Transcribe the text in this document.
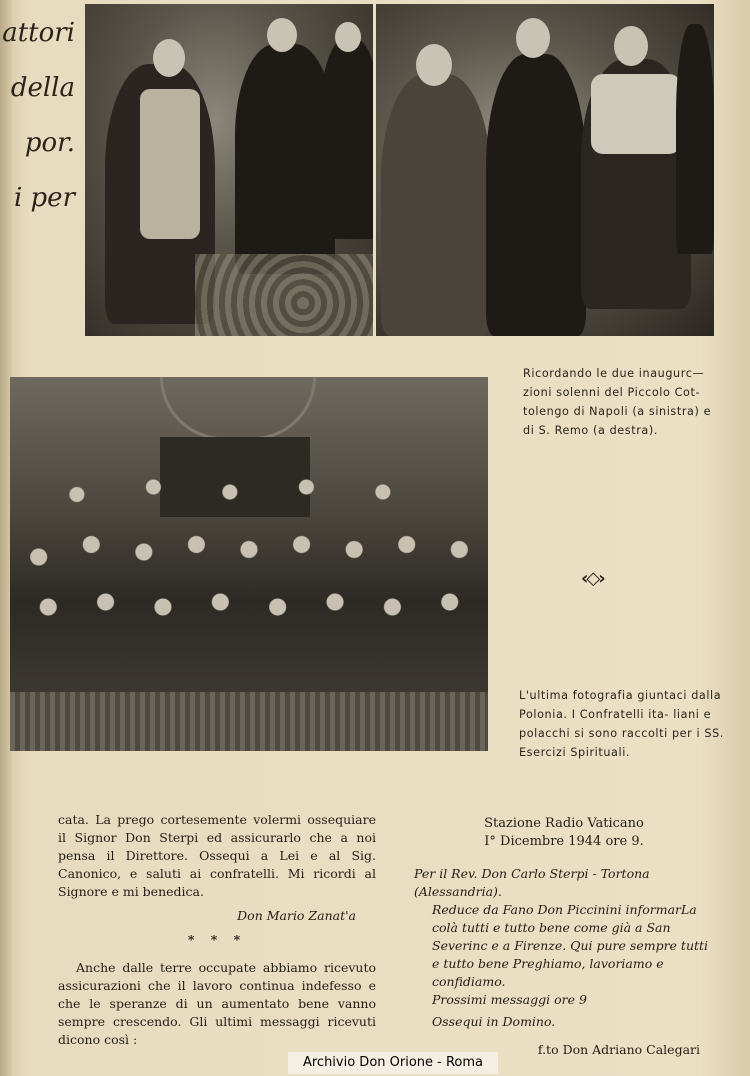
attori
della
por.
i per
Ricordando le due inaugurc— zioni solenni del Piccolo Cot- tolengo di Napoli (a sinistra) e di S. Remo (a destra).
‹◇›
L'ultima fotografia giuntaci dalla Polonia. I Confratelli ita- liani e polacchi si sono raccolti per i SS. Esercizi Spirituali.

cata. La prego cortesemente volermi ossequiare il Signor Don Sterpi ed assicurarlo che a noi pensa il Direttore. Ossequi a Lei e al Sig. Canonico, e saluti ai confratelli. Mi ricordi al Signore e mi benedica.

Don Mario Zanat'a

* * *

Anche dalle terre occupate abbiamo ricevuto assicurazioni che il lavoro continua indefesso e che le speranze di un aumentato bene vanno sempre crescendo. Gli ultimi messaggi ricevuti dicono così :

Stazione Radio Vaticano

I° Dicembre 1944 ore 9.

Per il Rev. Don Carlo Sterpi - Tortona (Alessandria).

Reduce da Fano Don Piccinini informarLa colà tutti e tutto bene come già a San Severinc e a Firenze. Qui pure sempre tutti e tutto bene Preghiamo, lavoriamo e confidiamo.

Prossimi messaggi ore 9

Ossequi in Domino.

f.to Don Adriano Calegari

Archivio Don Orione - Roma
